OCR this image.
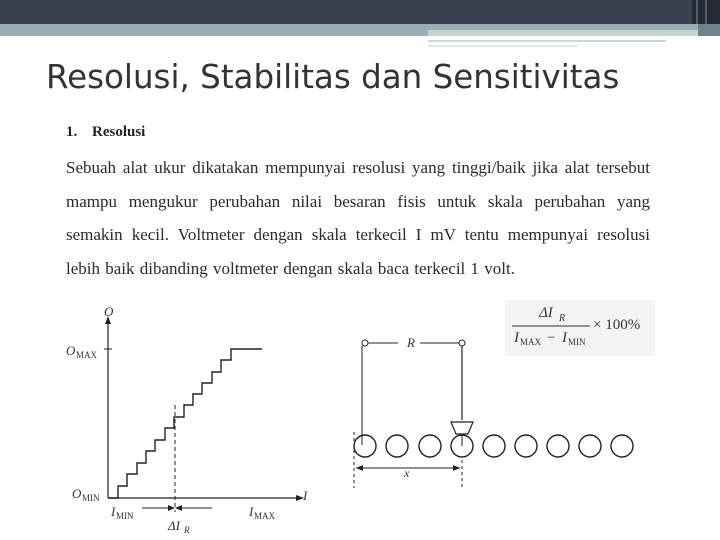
Resolusi, Stabilitas dan Sensitivitas
1. Resolusi

Sebuah alat ukur dikatakan mempunyai resolusi yang tinggi/baik jika alat tersebut mampu mengukur perubahan nilai besaran fisis untuk skala perubahan yang semakin kecil. Voltmeter dengan skala terkecil I mV tentu mempunyai resolusi lebih baik dibanding voltmeter dengan skala baca terkecil 1 volt.

ΔI R
I MAX − I MIN
× 100%
O
I
O MAX
O MIN
I MIN	I MAX
ΔI R
R
x
